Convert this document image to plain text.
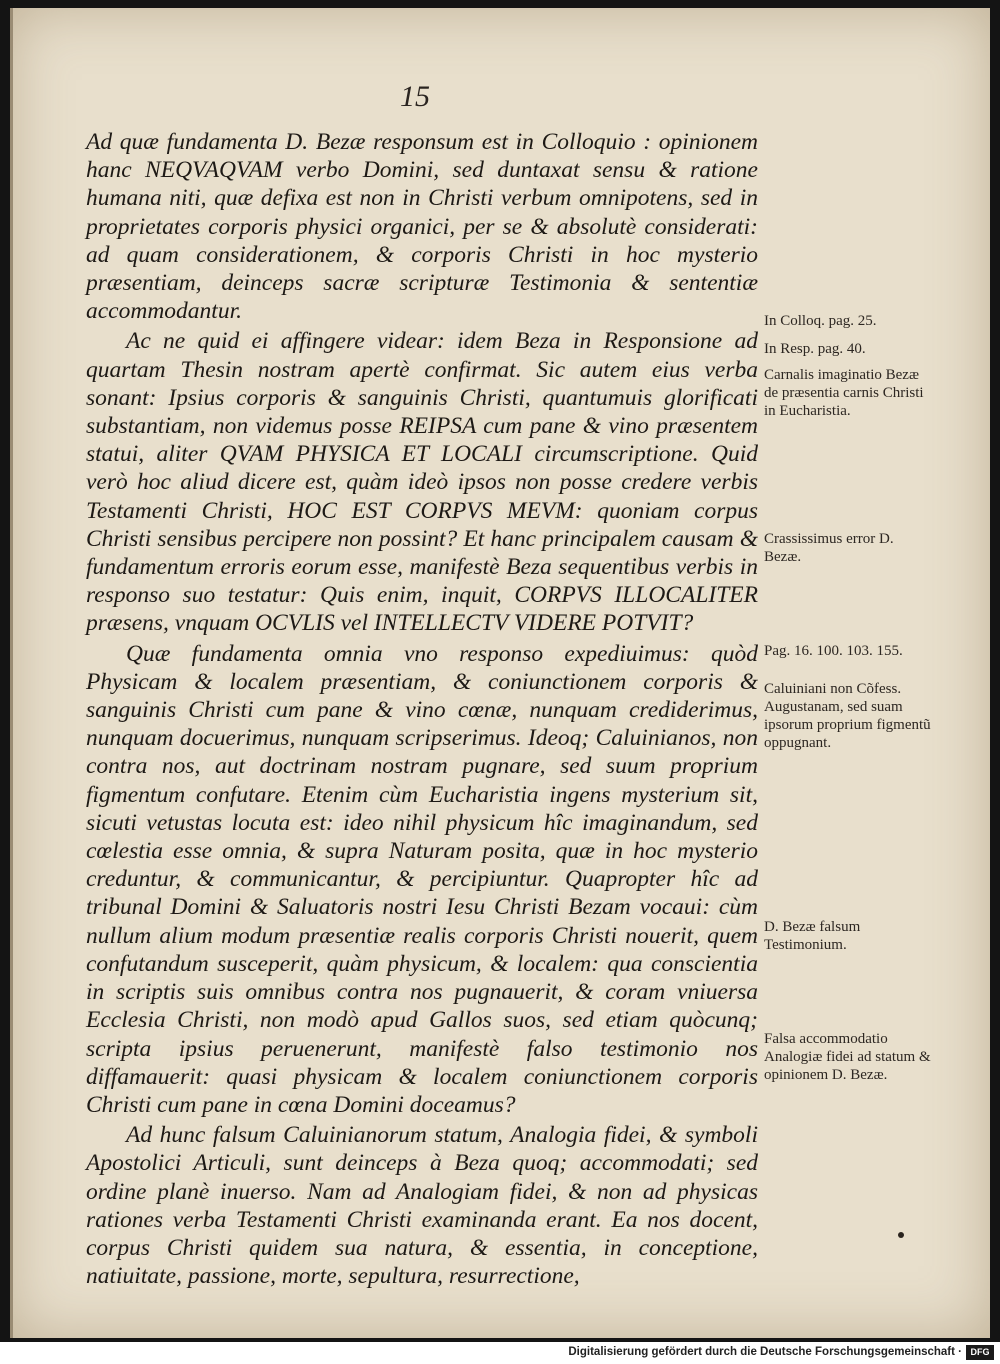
15

Ad quæ fundamenta D. Bezæ responsum est in Colloquio : opinionem hanc NEQVAQVAM verbo Domini, sed duntaxat sensu & ratione humana niti, quæ defixa est non in Christi verbum omnipotens, sed in proprietates corporis physici organici, per se & absolutè considerati: ad quam considerationem, & corporis Christi in hoc mysterio præsentiam, deinceps sacræ scripturæ Testimonia & sententiæ accommodantur.

Ac ne quid ei affingere videar: idem Beza in Responsione ad quartam Thesin nostram apertè confirmat. Sic autem eius verba sonant: Ipsius corporis & sanguinis Christi, quantumuis glorificati substantiam, non videmus posse REIPSA cum pane & vino præsentem statui, aliter QVAM PHYSICA ET LOCALI circumscriptione. Quid verò hoc aliud dicere est, quàm ideò ipsos non posse credere verbis Testamenti Christi, HOC EST CORPVS MEVM: quoniam corpus Christi sensibus percipere non possint? Et hanc principalem causam & fundamentum erroris eorum esse, manifestè Beza sequentibus verbis in responso suo testatur: Quis enim, inquit, CORPVS ILLOCALITER præsens, vnquam OCVLIS vel INTELLECTV VIDERE POTVIT?

Quæ fundamenta omnia vno responso expediuimus: quòd Physicam & localem præsentiam, & coniunctionem corporis & sanguinis Christi cum pane & vino cœnæ, nunquam crediderimus, nunquam docuerimus, nunquam scripserimus. Ideoq; Caluinianos, non contra nos, aut doctrinam nostram pugnare, sed suum proprium figmentum confutare. Etenim cùm Eucharistia ingens mysterium sit, sicuti vetustas locuta est: ideo nihil physicum hîc imaginandum, sed cœlestia esse omnia, & supra Naturam posita, quæ in hoc mysterio creduntur, & communicantur, & percipiuntur. Quapropter hîc ad tribunal Domini & Saluatoris nostri Iesu Christi Bezam vocaui: cùm nullum alium modum præsentiæ realis corporis Christi nouerit, quem confutandum susceperit, quàm physicum, & localem: qua conscientia in scriptis suis omnibus contra nos pugnauerit, & coram vniuersa Ecclesia Christi, non modò apud Gallos suos, sed etiam quòcunq; scripta ipsius peruenerunt, manifestè falso testimonio nos diffamauerit: quasi physicam & localem coniunctionem corporis Christi cum pane in cœna Domini doceamus?

Ad hunc falsum Caluinianorum statum, Analogia fidei, & symboli Apostolici Articuli, sunt deinceps à Beza quoq; accommodati; sed ordine planè inuerso. Nam ad Analogiam fidei, & non ad physicas rationes verba Testamenti Christi examinanda erant. Ea nos docent, corpus Christi quidem sua natura, & essentia, in conceptione, natiuitate, passione, morte, sepultura, resurrectione,

In Colloq. pag. 25.
In Resp. pag. 40.
Carnalis imaginatio Bezæ de præsentia carnis Christi in Eucharistia.
Crassissimus error D. Bezæ.
Pag. 16. 100. 103. 155.
Caluiniani non Cõfess. Augustanam, sed suam ipsorum proprium figmentũ oppugnant.
D. Bezæ falsum Testimonium.
Falsa accommodatio Analogiæ fidei ad statum & opinionem D. Bezæ.
Digitalisierung gefördert durch die Deutsche Forschungsgemeinschaft · DFG
